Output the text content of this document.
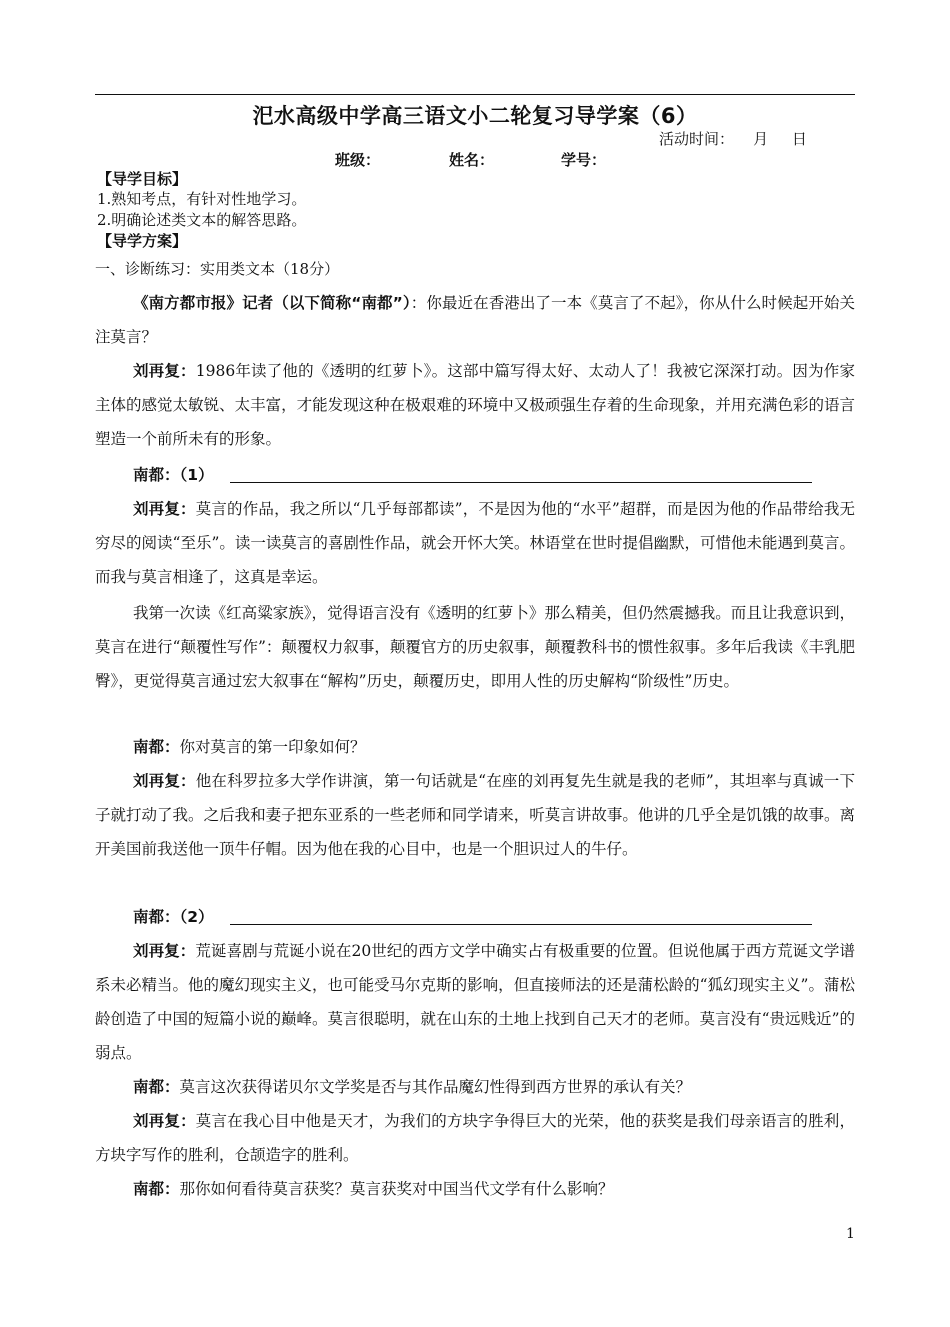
汜水高级中学高三语文小二轮复习导学案（6）
活动时间：    月     日
班级：	姓名：	学号：
【导学目标】
1.熟知考点，有针对性地学习。
2.明确论述类文本的解答思路。
【导学方案】
一、诊断练习：实用类文本（18分）
《南方都市报》记者（以下简称“南都”）：你最近在香港出了一本《莫言了不起》，你从什么时候起开始关注莫言？
刘再复：1986年读了他的《透明的红萝卜》。这部中篇写得太好、太动人了！我被它深深打动。因为作家主体的感觉太敏锐、太丰富，才能发现这种在极艰难的环境中又极顽强生存着的生命现象，并用充满色彩的语言塑造一个前所未有的形象。
南都：（1）
刘再复：莫言的作品，我之所以“几乎每部都读”，不是因为他的“水平”超群，而是因为他的作品带给我无穷尽的阅读“至乐”。读一读莫言的喜剧性作品，就会开怀大笑。林语堂在世时提倡幽默，可惜他未能遇到莫言。而我与莫言相逢了，这真是幸运。
我第一次读《红高粱家族》，觉得语言没有《透明的红萝卜》那么精美，但仍然震撼我。而且让我意识到，莫言在进行“颠覆性写作”：颠覆权力叙事，颠覆官方的历史叙事，颠覆教科书的惯性叙事。多年后我读《丰乳肥臀》，更觉得莫言通过宏大叙事在“解构”历史，颠覆历史，即用人性的历史解构“阶级性”历史。
南都：你对莫言的第一印象如何？
刘再复：他在科罗拉多大学作讲演，第一句话就是“在座的刘再复先生就是我的老师”，其坦率与真诚一下子就打动了我。之后我和妻子把东亚系的一些老师和同学请来，听莫言讲故事。他讲的几乎全是饥饿的故事。离开美国前我送他一顶牛仔帽。因为他在我的心目中，也是一个胆识过人的牛仔。
南都：（2）
刘再复：荒诞喜剧与荒诞小说在20世纪的西方文学中确实占有极重要的位置。但说他属于西方荒诞文学谱系未必精当。他的魔幻现实主义，也可能受马尔克斯的影响，但直接师法的还是蒲松龄的“狐幻现实主义”。蒲松龄创造了中国的短篇小说的巅峰。莫言很聪明，就在山东的土地上找到自己天才的老师。莫言没有“贵远贱近”的弱点。
南都：莫言这次获得诺贝尔文学奖是否与其作品魔幻性得到西方世界的承认有关？
刘再复：莫言在我心目中他是天才，为我们的方块字争得巨大的光荣，他的获奖是我们母亲语言的胜利，方块字写作的胜利，仓颉造字的胜利。
南都：那你如何看待莫言获奖？莫言获奖对中国当代文学有什么影响？
1
